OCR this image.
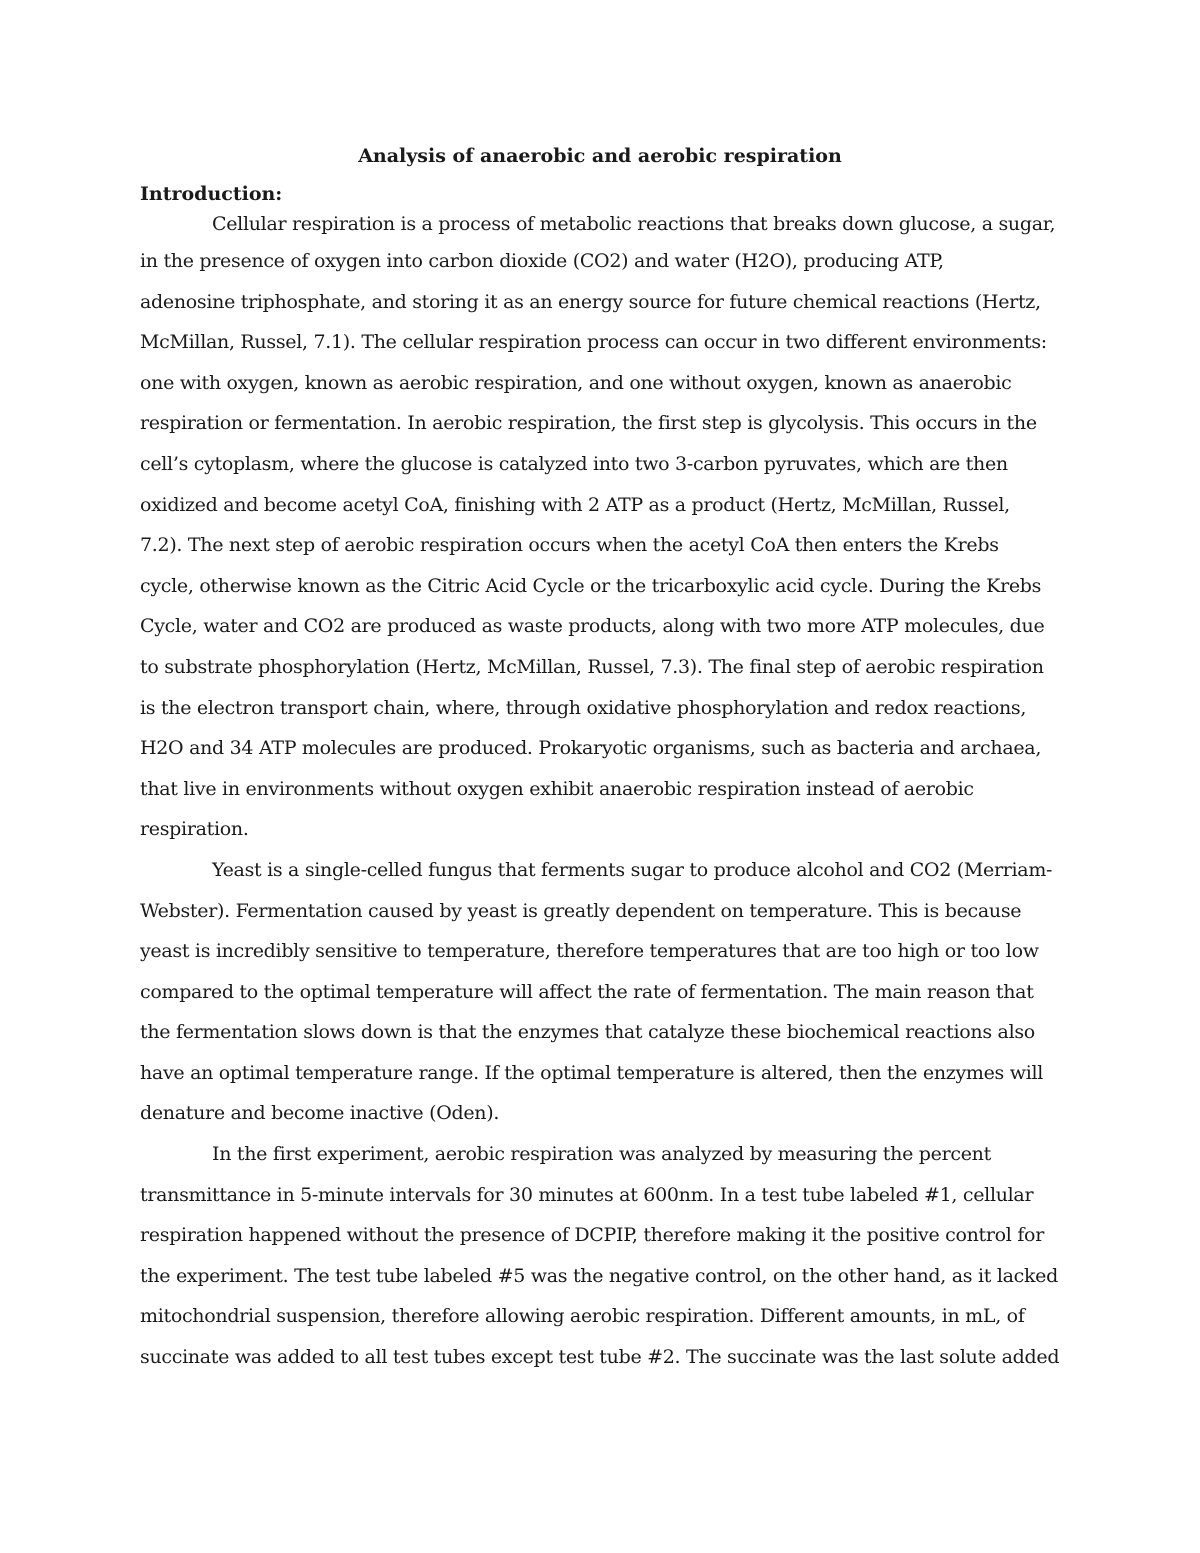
Analysis of anaerobic and aerobic respiration
Introduction:
Cellular respiration is a process of metabolic reactions that breaks down glucose, a sugar,
in the presence of oxygen into carbon dioxide (CO2) and water (H2O), producing ATP,
adenosine triphosphate, and storing it as an energy source for future chemical reactions (Hertz,
McMillan, Russel, 7.1). The cellular respiration process can occur in two different environments:
one with oxygen, known as aerobic respiration, and one without oxygen, known as anaerobic
respiration or fermentation. In aerobic respiration, the first step is glycolysis. This occurs in the
cell’s cytoplasm, where the glucose is catalyzed into two 3-carbon pyruvates, which are then
oxidized and become acetyl CoA, finishing with 2 ATP as a product (Hertz, McMillan, Russel,
7.2). The next step of aerobic respiration occurs when the acetyl CoA then enters the Krebs
cycle, otherwise known as the Citric Acid Cycle or the tricarboxylic acid cycle. During the Krebs
Cycle, water and CO2 are produced as waste products, along with two more ATP molecules, due
to substrate phosphorylation (Hertz, McMillan, Russel, 7.3). The final step of aerobic respiration
is the electron transport chain, where, through oxidative phosphorylation and redox reactions,
H2O and 34 ATP molecules are produced. Prokaryotic organisms, such as bacteria and archaea,
that live in environments without oxygen exhibit anaerobic respiration instead of aerobic
respiration.
Yeast is a single-celled fungus that ferments sugar to produce alcohol and CO2 (Merriam-
Webster). Fermentation caused by yeast is greatly dependent on temperature. This is because
yeast is incredibly sensitive to temperature, therefore temperatures that are too high or too low
compared to the optimal temperature will affect the rate of fermentation. The main reason that
the fermentation slows down is that the enzymes that catalyze these biochemical reactions also
have an optimal temperature range. If the optimal temperature is altered, then the enzymes will
denature and become inactive (Oden).
In the first experiment, aerobic respiration was analyzed by measuring the percent
transmittance in 5-minute intervals for 30 minutes at 600nm. In a test tube labeled #1, cellular
respiration happened without the presence of DCPIP, therefore making it the positive control for
the experiment. The test tube labeled #5 was the negative control, on the other hand, as it lacked
mitochondrial suspension, therefore allowing aerobic respiration. Different amounts, in mL, of
succinate was added to all test tubes except test tube #2. The succinate was the last solute added
